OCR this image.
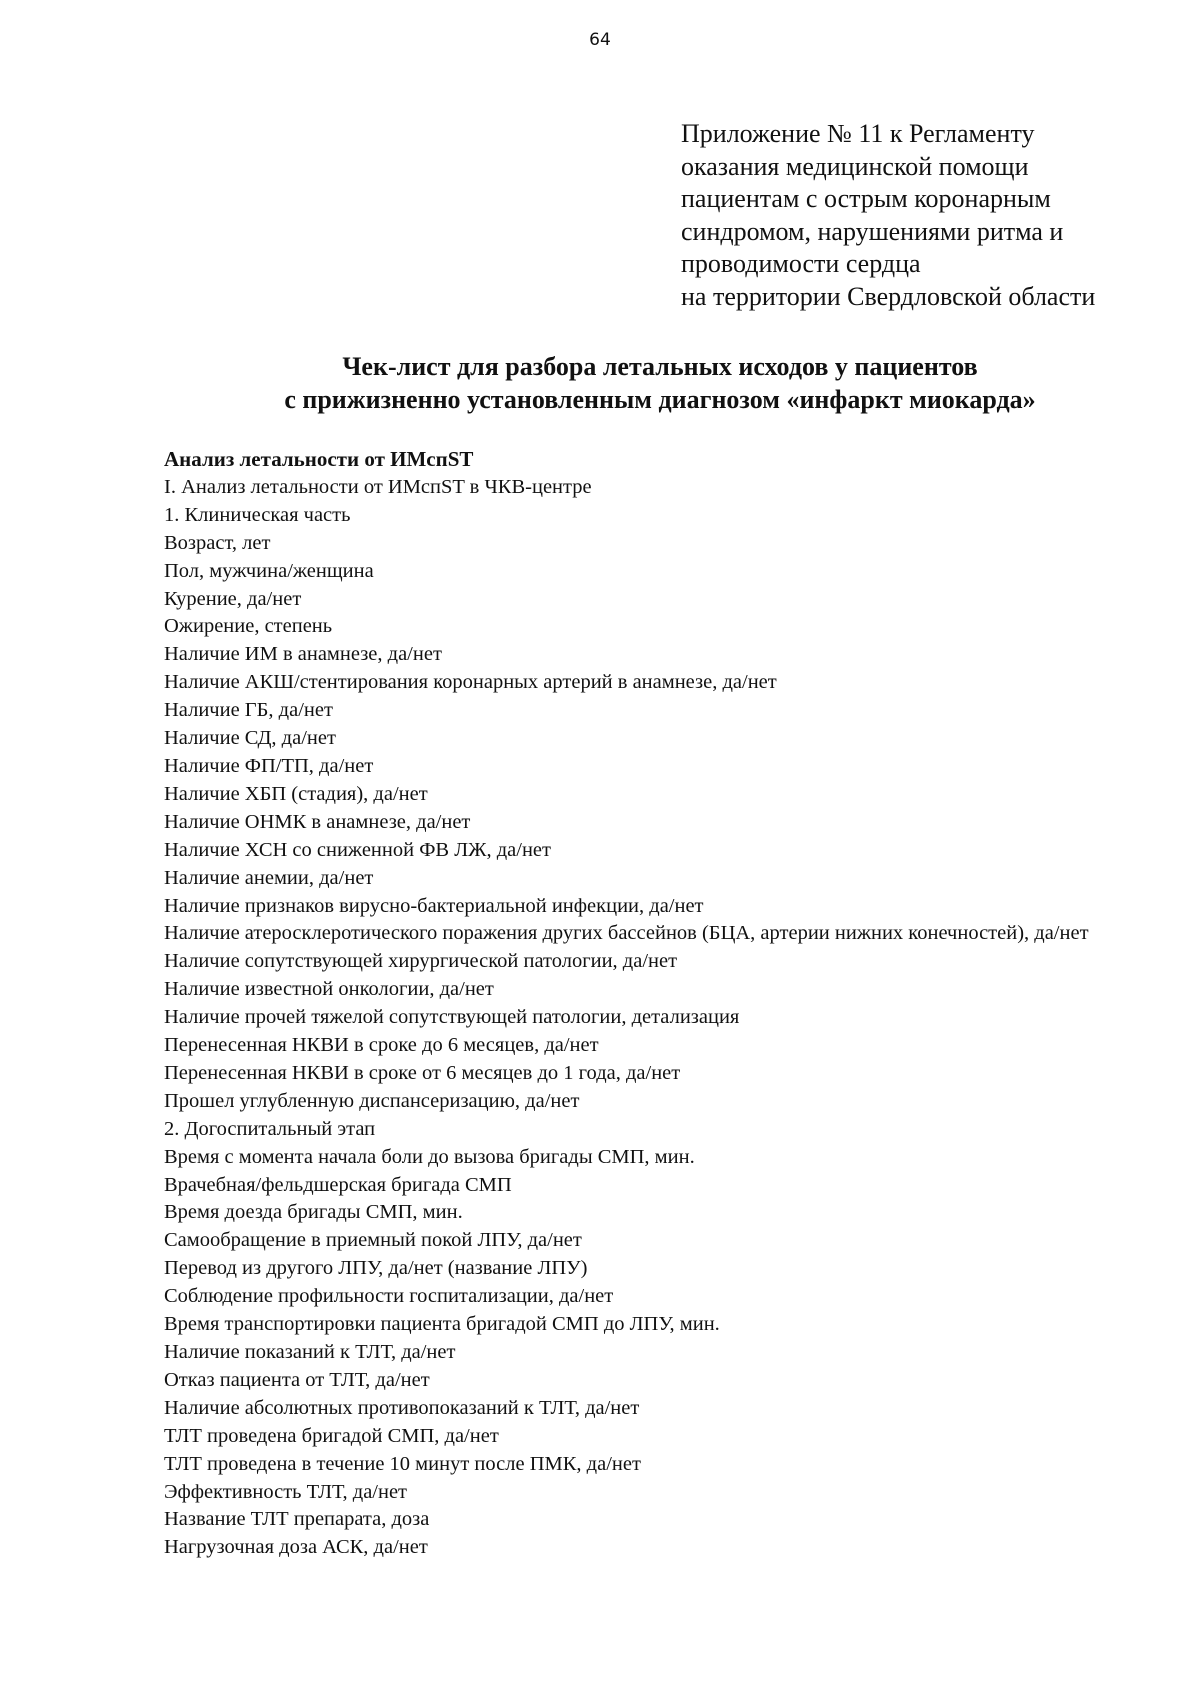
64
Приложение № 11 к Регламенту
оказания медицинской помощи
пациентам с острым коронарным
синдромом, нарушениями ритма и
проводимости сердца
на территории Свердловской области
Чек-лист для разбора летальных исходов у пациентов
с прижизненно установленным диагнозом «инфаркт миокарда»

Анализ летальности от ИМспST

I. Анализ летальности от ИМспST в ЧКВ-центре

1. Клиническая часть

Возраст, лет

Пол, мужчина/женщина

Курение, да/нет

Ожирение, степень

Наличие ИМ в анамнезе, да/нет

Наличие АКШ/стентирования коронарных артерий в анамнезе, да/нет

Наличие ГБ, да/нет

Наличие СД, да/нет

Наличие ФП/ТП, да/нет

Наличие ХБП (стадия), да/нет

Наличие ОНМК в анамнезе, да/нет

Наличие ХСН со сниженной ФВ ЛЖ, да/нет

Наличие анемии, да/нет

Наличие признаков вирусно-бактериальной инфекции, да/нет

Наличие атеросклеротического поражения других бассейнов (БЦА, артерии нижних конечностей), да/нет

Наличие сопутствующей хирургической патологии, да/нет

Наличие известной онкологии, да/нет

Наличие прочей тяжелой сопутствующей патологии, детализация

Перенесенная НКВИ в сроке до 6 месяцев, да/нет

Перенесенная НКВИ в сроке от 6 месяцев до 1 года, да/нет

Прошел углубленную диспансеризацию, да/нет

2. Догоспитальный этап

Время с момента начала боли до вызова бригады СМП, мин.

Врачебная/фельдшерская бригада СМП

Время доезда бригады СМП, мин.

Самообращение в приемный покой ЛПУ, да/нет

Перевод из другого ЛПУ, да/нет (название ЛПУ)

Соблюдение профильности госпитализации, да/нет

Время транспортировки пациента бригадой СМП до ЛПУ, мин.

Наличие показаний к ТЛТ, да/нет

Отказ пациента от ТЛТ, да/нет

Наличие абсолютных противопоказаний к ТЛТ, да/нет

ТЛТ проведена бригадой СМП, да/нет

ТЛТ проведена в течение 10 минут после ПМК, да/нет

Эффективность ТЛТ, да/нет

Название ТЛТ препарата, доза

Нагрузочная доза АСК, да/нет
